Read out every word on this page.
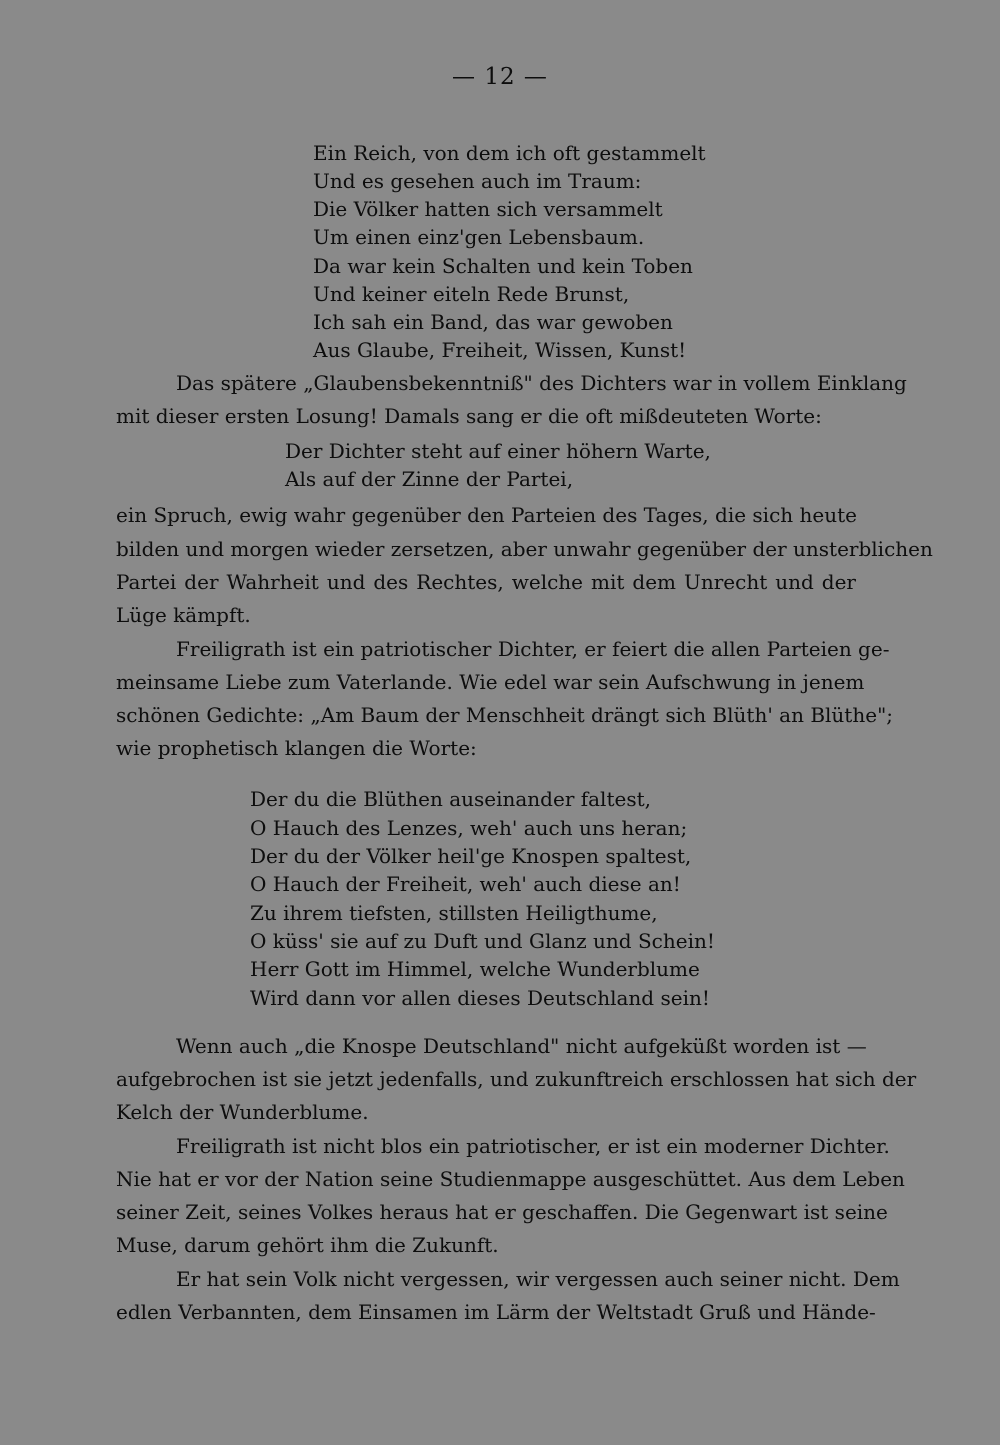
— 12 —
Ein Reich, von dem ich oft gestammelt
Und es gesehen auch im Traum:
Die Völker hatten sich versammelt
Um einen einz'gen Lebensbaum.
Da war kein Schalten und kein Toben
Und keiner eiteln Rede Brunst,
Ich sah ein Band, das war gewoben
Aus Glaube, Freiheit, Wissen, Kunst!
Das spätere „Glaubensbekenntniß" des Dichters war in vollem Einklang
mit dieser ersten Losung! Damals sang er die oft mißdeuteten Worte:
Der Dichter steht auf einer höhern Warte,
Als auf der Zinne der Partei,
ein Spruch, ewig wahr gegenüber den Parteien des Tages, die sich heute
bilden und morgen wieder zersetzen, aber unwahr gegenüber der unsterblichen
Partei der Wahrheit und des Rechtes, welche mit dem Unrecht und der
Lüge kämpft.
Freiligrath ist ein patriotischer Dichter, er feiert die allen Parteien ge-
meinsame Liebe zum Vaterlande. Wie edel war sein Aufschwung in jenem
schönen Gedichte: „Am Baum der Menschheit drängt sich Blüth' an Blüthe";
wie prophetisch klangen die Worte:
Der du die Blüthen auseinander faltest,
O Hauch des Lenzes, weh' auch uns heran;
Der du der Völker heil'ge Knospen spaltest,
O Hauch der Freiheit, weh' auch diese an!
Zu ihrem tiefsten, stillsten Heiligthume,
O küss' sie auf zu Duft und Glanz und Schein!
Herr Gott im Himmel, welche Wunderblume
Wird dann vor allen dieses Deutschland sein!
Wenn auch „die Knospe Deutschland" nicht aufgeküßt worden ist —
aufgebrochen ist sie jetzt jedenfalls, und zukunftreich erschlossen hat sich der
Kelch der Wunderblume.
Freiligrath ist nicht blos ein patriotischer, er ist ein moderner Dichter.
Nie hat er vor der Nation seine Studienmappe ausgeschüttet. Aus dem Leben
seiner Zeit, seines Volkes heraus hat er geschaffen. Die Gegenwart ist seine
Muse, darum gehört ihm die Zukunft.
Er hat sein Volk nicht vergessen, wir vergessen auch seiner nicht. Dem
edlen Verbannten, dem Einsamen im Lärm der Weltstadt Gruß und Hände-
